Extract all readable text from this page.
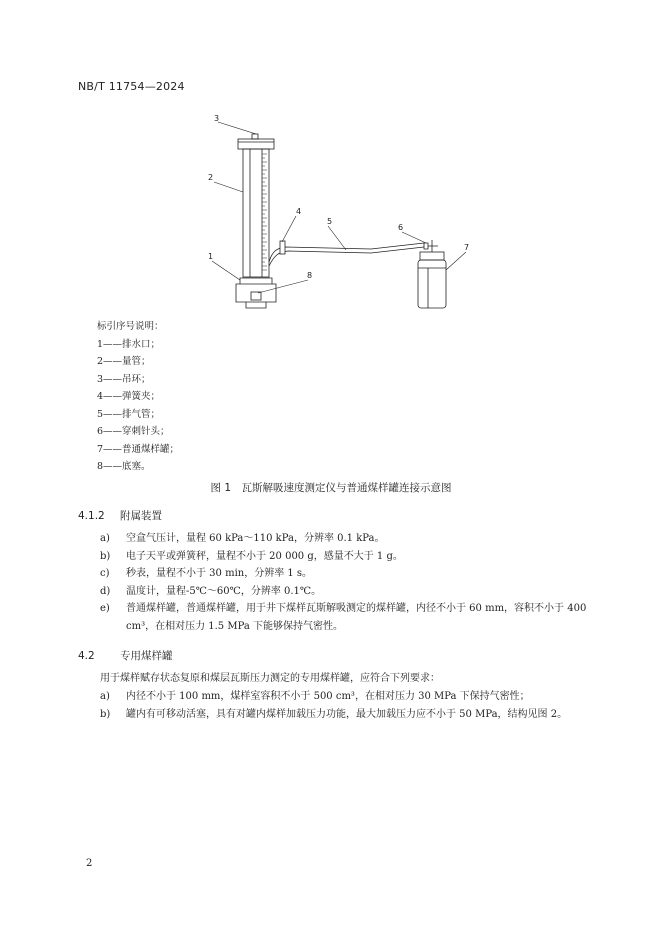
NB/T 11754—2024
3
2
4
5
6
7
1
8
标引序号说明：
1——排水口；
2——量管；
3——吊环；
4——弹簧夹；
5——排气管；
6——穿刺针头；
7——普通煤样罐；
8——底塞。
图 1　瓦斯解吸速度测定仪与普通煤样罐连接示意图
4.1.2 附属装置
a)	空盒气压计，量程 60 kPa～110 kPa，分辨率 0.1 kPa。
b)	电子天平或弹簧秤，量程不小于 20 000 g，感量不大于 1 g。
c)	秒表，量程不小于 30 min，分辨率 1 s。
d)	温度计，量程-5℃～60℃，分辨率 0.1℃。
e)	普通煤样罐，普通煤样罐，用于井下煤样瓦斯解吸测定的煤样罐，内径不小于 60 mm，容积不小于 400 cm³，在相对压力 1.5 MPa 下能够保持气密性。
4.2 专用煤样罐
用于煤样赋存状态复原和煤层瓦斯压力测定的专用煤样罐，应符合下列要求：
a)	内径不小于 100 mm，煤样室容积不小于 500 cm³，在相对压力 30 MPa 下保持气密性；
b)	罐内有可移动活塞，具有对罐内煤样加载压力功能，最大加载压力应不小于 50 MPa，结构见图 2。
2
